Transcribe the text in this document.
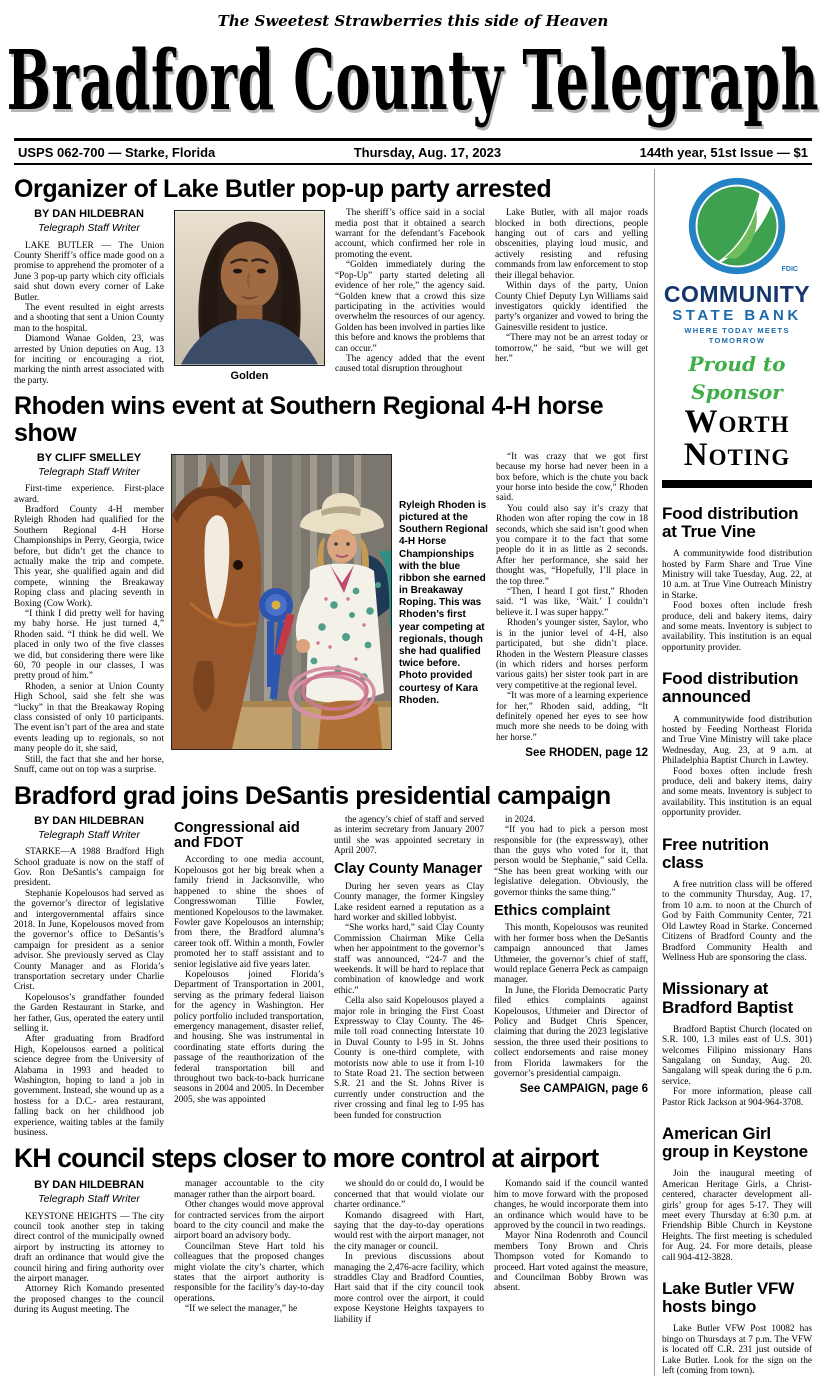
The Sweetest Strawberries this side of Heaven
Bradford County Telegraph
USPS 062-700 — Starke, Florida	Thursday, Aug. 17, 2023	144th year, 51st Issue — $1
Organizer of Lake Butler pop-up party arrested
BY DAN HILDEBRAN
Telegraph Staff Writer

LAKE BUTLER — The Union County Sheriff’s office made good on a promise to apprehend the promoter of a June 3 pop-up party which city officials said shut down every corner of Lake Butler.

The event resulted in eight arrests and a shooting that sent a Union County man to the hospital.

Diamond Wanae Golden, 23, was arrested by Union deputies on Aug. 13 for inciting or encouraging a riot, marking the ninth arrest associated with the party.	Golden

The sheriff’s office said in a social media post that it obtained a search warrant for the defendant’s Facebook account, which confirmed her role in promoting the event.

“Golden immediately during the “Pop-Up” party started deleting all evidence of her role,” the agency said. “Golden knew that a crowd this size participating in the activities would overwhelm the resources of our agency. Golden has been involved in parties like this before and knows the problems that can occur.”

The agency added that the event caused total disruption throughout

Lake Butler, with all major roads blocked in both directions, people hanging out of cars and yelling obscenities, playing loud music, and actively resisting and refusing commands from law enforcement to stop their illegal behavior.

Within days of the party, Union County Chief Deputy Lyn Williams said investigators quickly identified the party’s organizer and vowed to bring the Gainesville resident to justice.

“There may not be an arrest today or tomorrow,” he said, “but we will get her.”

Rhoden wins event at Southern Regional 4-H horse show
BY CLIFF SMELLEY
Telegraph Staff Writer

First-time experience. First-place award.

Bradford County 4-H member Ryleigh Rhoden had qualified for the Southern Regional 4-H Horse Championships in Perry, Georgia, twice before, but didn’t get the chance to actually make the trip and compete. This year, she qualified again and did compete, winning the Breakaway Roping class and placing seventh in Boxing (Cow Work).

“I think I did pretty well for having my baby horse. He just turned 4,” Rhoden said. “I think he did well. We placed in only two of the five classes we did, but considering there were like 60, 70 people in our classes, I was pretty proud of him.”

Rhoden, a senior at Union County High School, said she felt she was “lucky” in that the Breakaway Roping class consisted of only 10 participants. The event isn’t part of the area and state events leading up to regionals, so not many people do it, she said,

Still, the fact that she and her horse, Snuff, came out on top was a surprise.

Ryleigh Rhoden is pictured at the Southern Regional 4-H Horse Championships with the blue ribbon she earned in Breakaway Roping. This was Rhoden’s first year competing at regionals, though she had qualified twice before. Photo provided courtesy of Kara Rhoden.

“It was crazy that we got first because my horse had never been in a box before, which is the chute you back your horse into beside the cow,” Rhoden said.

You could also say it’s crazy that Rhoden won after roping the cow in 18 seconds, which she said isn’t good when you compare it to the fact that some people do it in as little as 2 seconds. After her performance, she said her thought was, “Hopefully, I’ll place in the top three.”

“Then, I heard I got first,” Rhoden said. “I was like, ‘Wait.’ I couldn’t believe it. I was super happy.”

Rhoden’s younger sister, Saylor, who is in the junior level of 4-H, also participated, but she didn’t place. Rhoden in the Western Pleasure classes (in which riders and horses perform various gaits) her sister took part in are very competitive at the regional level.

“It was more of a learning experience for her,” Rhoden said, adding, “It definitely opened her eyes to see how much more she needs to be doing with her horse.”

See RHODEN, page 12
Bradford grad joins DeSantis presidential campaign
BY DAN HILDEBRAN
Telegraph Staff Writer

STARKE—A 1988 Bradford High School graduate is now on the staff of Gov. Ron DeSantis’s campaign for president.

Stephanie Kopelousos had served as the governor’s director of legislative and intergovernmental affairs since 2018. In June, Kopelousos moved from the governor’s office to DeSantis’s campaign for president as a senior advisor. She previously served as Clay County Manager and as Florida’s transportation secretary under Charlie Crist.

Kopelousos’s grandfather founded the Garden Restaurant in Starke, and her father, Gus, operated the eatery until selling it.

After graduating from Bradford High, Kopelousos earned a political science degree from the University of Alabama in 1993 and headed to Washington, hoping to land a job in government. Instead, she wound up as a hostess for a D.C.- area restaurant, falling back on her childhood job experience, waiting tables at the family business.

Congressional aid and FDOT

According to one media account, Kopelousos got her big break when a family friend in Jacksonville, who happened to shine the shoes of Congresswoman Tillie Fowler, mentioned Kopelousos to the lawmaker. Fowler gave Kopelousos an internship; from there, the Bradford alumna’s career took off. Within a month, Fowler promoted her to staff assistant and to senior legislative aid five years later.

Kopelousos joined Florida’s Department of Transportation in 2001, serving as the primary federal liaison for the agency in Washington. Her policy portfolio included transportation, emergency management, disaster relief, and housing. She was instrumental in coordinating state efforts during the passage of the reauthorization of the federal transportation bill and throughout two back-to-back hurricane seasons in 2004 and 2005. In December 2005, she was appointed

the agency’s chief of staff and served as interim secretary from January 2007 until she was appointed secretary in April 2007.

Clay County Manager

During her seven years as Clay County manager, the former Kingsley Lake resident earned a reputation as a hard worker and skilled lobbyist.

“She works hard,” said Clay County Commission Chairman Mike Cella when her appointment to the governor’s staff was announced, “24-7 and the weekends. It will be hard to replace that combination of knowledge and work ethic.”

Cella also said Kopelousos played a major role in bringing the First Coast Expressway to Clay County. The 46-mile toll road connecting Interstate 10 in Duval County to I-95 in St. Johns County is one-third complete, with motorists now able to use it from I-10 to State Road 21. The section between S.R. 21 and the St. Johns River is currently under construction and the river crossing and final leg to I-95 has been funded for construction

in 2024.

“If you had to pick a person most responsible for (the expressway), other than the guys who voted for it, that person would be Stephanie,” said Cella. “She has been great working with our legislative delegation. Obviously, the governor thinks the same thing.”

Ethics complaint

This month, Kopelousos was reunited with her former boss when the DeSantis campaign announced that James Uthmeier, the governor’s chief of staff, would replace Generra Peck as campaign manager.

In June, the Florida Democratic Party filed ethics complaints against Kopelousos, Uthmeier and Director of Policy and Budget Chris Spencer, claiming that during the 2023 legislative session, the three used their positions to collect endorsements and raise money from Florida lawmakers for the governor’s presidential campaign.

See CAMPAIGN, page 6
KH council steps closer to more control at airport
BY DAN HILDEBRAN
Telegraph Staff Writer

KEYSTONE HEIGHTS — The city council took another step in taking direct control of the municipally owned airport by instructing its attorney to draft an ordinance that would give the council hiring and firing authority over the airport manager.

Attorney Rich Komando presented the proposed changes to the council during its August meeting. The

manager accountable to the city manager rather than the airport board.

Other changes would move approval for contracted services from the airport board to the city council and make the airport board an advisory body.

Councilman Steve Hart told his colleagues that the proposed changes might violate the city’s charter, which states that the airport authority is responsible for the facility’s day-to-day operations.

“If we select the manager,” he

we should do or could do, I would be concerned that that would violate our charter ordinance.”

Komando disagreed with Hart, saying that the day-to-day operations would rest with the airport manager, not the city manager or council.

In previous discussions about managing the 2,476-acre facility, which straddles Clay and Bradford Counties, Hart said that if the city council took more control over the airport, it could expose Keystone Heights taxpayers to liability if

Komando said if the council wanted him to move forward with the proposed changes, he would incorporate them into an ordinance which would have to be approved by the council in two readings.

Mayor Nina Rodenroth and Council members Tony Brown and Chris Thompson voted for Komando to proceed. Hart voted against the measure, and Councilman Bobby Brown was absent.

FDIC
COMMUNITY
STATE BANK
WHERE TODAY MEETS TOMORROW
Proud to Sponsor
Worth
Noting
Food distribution at True Vine

A communitywide food distribution hosted by Farm Share and True Vine Ministry will take Tuesday, Aug. 22, at 10 a.m. at True Vine Outreach Ministry in Starke.

Food boxes often include fresh produce, deli and bakery items, dairy and some meats. Inventory is subject to availability. This institution is an equal opportunity provider.

Food distribution announced

A communitywide food distribution hosted by Feeding Northeast Florida and True Vine Ministry will take place Wednesday, Aug. 23, at 9 a.m. at Philadelphia Baptist Church in Lawtey.

Food boxes often include fresh produce, deli and bakery items, dairy and some meats. Inventory is subject to availability. This institution is an equal opportunity provider.

Free nutrition class

A free nutrition class will be offered to the community Thursday, Aug. 17, from 10 a.m. to noon at the Church of God by Faith Community Center, 721 Old Lawtey Road in Starke. Concerned Citizens of Bradford County and the Bradford Community Health and Wellness Hub are sponsoring the class.

Missionary at Bradford Baptist

Bradford Baptist Church (located on S.R. 100, 1.3 miles east of U.S. 301) welcomes Filipino missionary Hans Sangalang on Sunday, Aug. 20. Sangalang will speak during the 6 p.m. service.

For more information, please call Pastor Rick Jackson at 904-964-3708.

American Girl group in Keystone

Join the inaugural meeting of American Heritage Girls, a Christ-centered, character development all-girls’ group for ages 5-17. They will meet every Thursday at 6:30 p.m. at Friendship Bible Church in Keystone Heights. The first meeting is scheduled for Aug. 24. For more details, please call 904-412-3828.

Lake Butler VFW hosts bingo

Lake Butler VFW Post 10082 has bingo on Thursdays at 7 p.m. The VFW is located off C.R. 231 just outside of Lake Butler. Look for the sign on the left (coming from town).
